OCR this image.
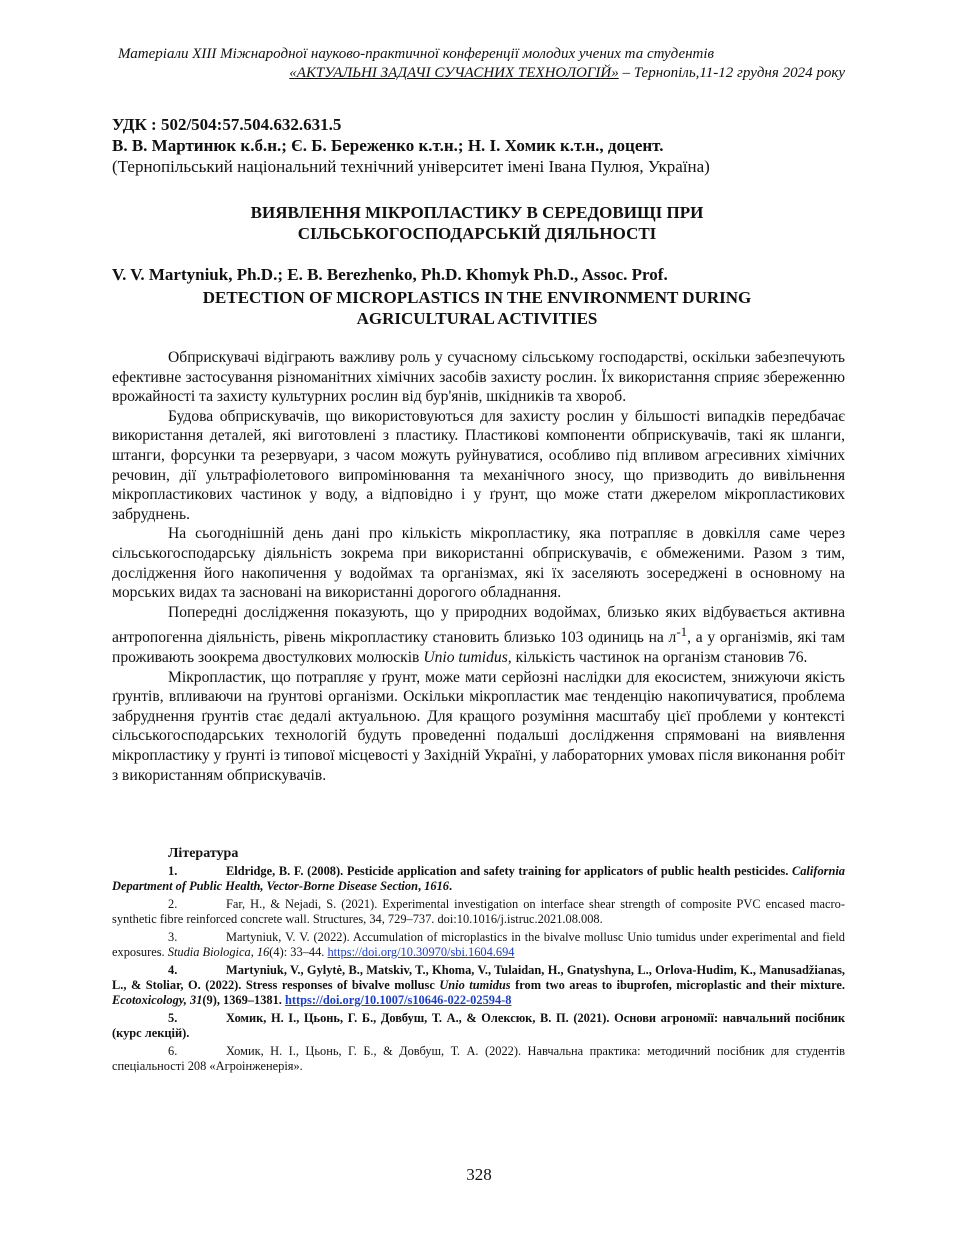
Матеріали XIII Міжнародної науково-практичної конференції молодих учених та студентів
«АКТУАЛЬНІ ЗАДАЧІ СУЧАСНИХ ТЕХНОЛОГІЙ» – Тернопіль,11-12 грудня 2024 року
УДК : 502/504:57.504.632.631.5
В. В. Мартинюк к.б.н.; Є. Б. Береженко к.т.н.; Н. І. Хомик к.т.н., доцент.
(Тернопільський національний технічний університет імені Івана Пулюя, Україна)
ВИЯВЛЕННЯ МІКРОПЛАСТИКУ В СЕРЕДОВИЩІ ПРИ
СІЛЬСЬКОГОСПОДАРСЬКІЙ ДІЯЛЬНОСТІ
V. V. Martyniuk, Ph.D.; E. B. Berezhenko, Ph.D. Khomyk Ph.D., Assoc. Prof.
DETECTION OF MICROPLASTICS IN THE ENVIRONMENT DURING
AGRICULTURAL ACTIVITIES

Обприскувачі відіграють важливу роль у сучасному сільському господарстві, оскільки забезпечують ефективне застосування різноманітних хімічних засобів захисту рослин. Їх використання сприяє збереженню врожайності та захисту культурних рослин від бур'янів, шкідників та хвороб.

Будова обприскувачів, що використовуються для захисту рослин у більшості випадків передбачає використання деталей, які виготовлені з пластику. Пластикові компоненти обприскувачів, такі як шланги, штанги, форсунки та резервуари, з часом можуть руйнуватися, особливо під впливом агресивних хімічних речовин, дії ультрафіолетового випромінювання та механічного зносу, що призводить до вивільнення мікропластикових частинок у воду, а відповідно і у ґрунт, що може стати джерелом мікропластикових забруднень.

На сьогоднішній день дані про кількість мікропластику, яка потрапляє в довкілля саме через сільськогосподарську діяльність зокрема при використанні обприскувачів, є обмеженими. Разом з тим, дослідження його накопичення у водоймах та організмах, які їх заселяють зосереджені в основному на морських видах та засновані на використанні дорогого обладнання.

Попередні дослідження показують, що у природних водоймах, близько яких відбувається активна антропогенна діяльність, рівень мікропластику становить близько 103 одиниць на $л^{-1}$, а у організмів, які там проживають зоокрема двостулкових молюсків Unio tumidus, кількість частинок на організм становив 76.

Мікропластик, що потрапляє у ґрунт, може мати серйозні наслідки для екосистем, знижуючи якість ґрунтів, впливаючи на ґрунтові організми. Оскільки мікропластик має тенденцію накопичуватися, проблема забруднення ґрунтів стає дедалі актуальною. Для кращого розуміння масштабу цієї проблеми у контексті сільськогосподарських технологій будуть проведенні подальші дослідження спрямовані на виявлення мікропластику у ґрунті із типової місцевості у Західній Україні, у лабораторних умовах після виконання робіт з використанням обприскувачів.

Література
1.	Eldridge, B. F. (2008). Pesticide application and safety training for applicators of public health pesticides. California Department of Public Health, Vector-Borne Disease Section, 1616.
2.	Far, H., & Nejadi, S. (2021). Experimental investigation on interface shear strength of composite PVC encased macro-synthetic fibre reinforced concrete wall. Structures, 34, 729–737. doi:10.1016/j.istruc.2021.08.008.
3.	Martyniuk, V. V. (2022). Accumulation of microplastics in the bivalve mollusc Unio tumidus under experimental and field exposures. Studia Biologica, 16(4): 33–44. https://doi.org/10.30970/sbi.1604.694
4.	Martyniuk, V., Gylytė, B., Matskiv, T., Khoma, V., Tulaidan, H., Gnatyshyna, L., Orlova-Hudim, K., Manusadžianas, L., & Stoliar, O. (2022). Stress responses of bivalve mollusc Unio tumidus from two areas to ibuprofen, microplastic and their mixture. Ecotoxicology, 31(9), 1369–1381. https://doi.org/10.1007/s10646-022-02594-8
5.	Хомик, Н. І., Цьонь, Г. Б., Довбуш, Т. А., & Олексюк, В. П. (2021). Основи агрономії: навчальний посібник (курс лекцій).
6.	Хомик, Н. І., Цьонь, Г. Б., & Довбуш, Т. А. (2022). Навчальна практика: методичний посібник для студентів спеціальності 208 «Агроінженерія».
328
